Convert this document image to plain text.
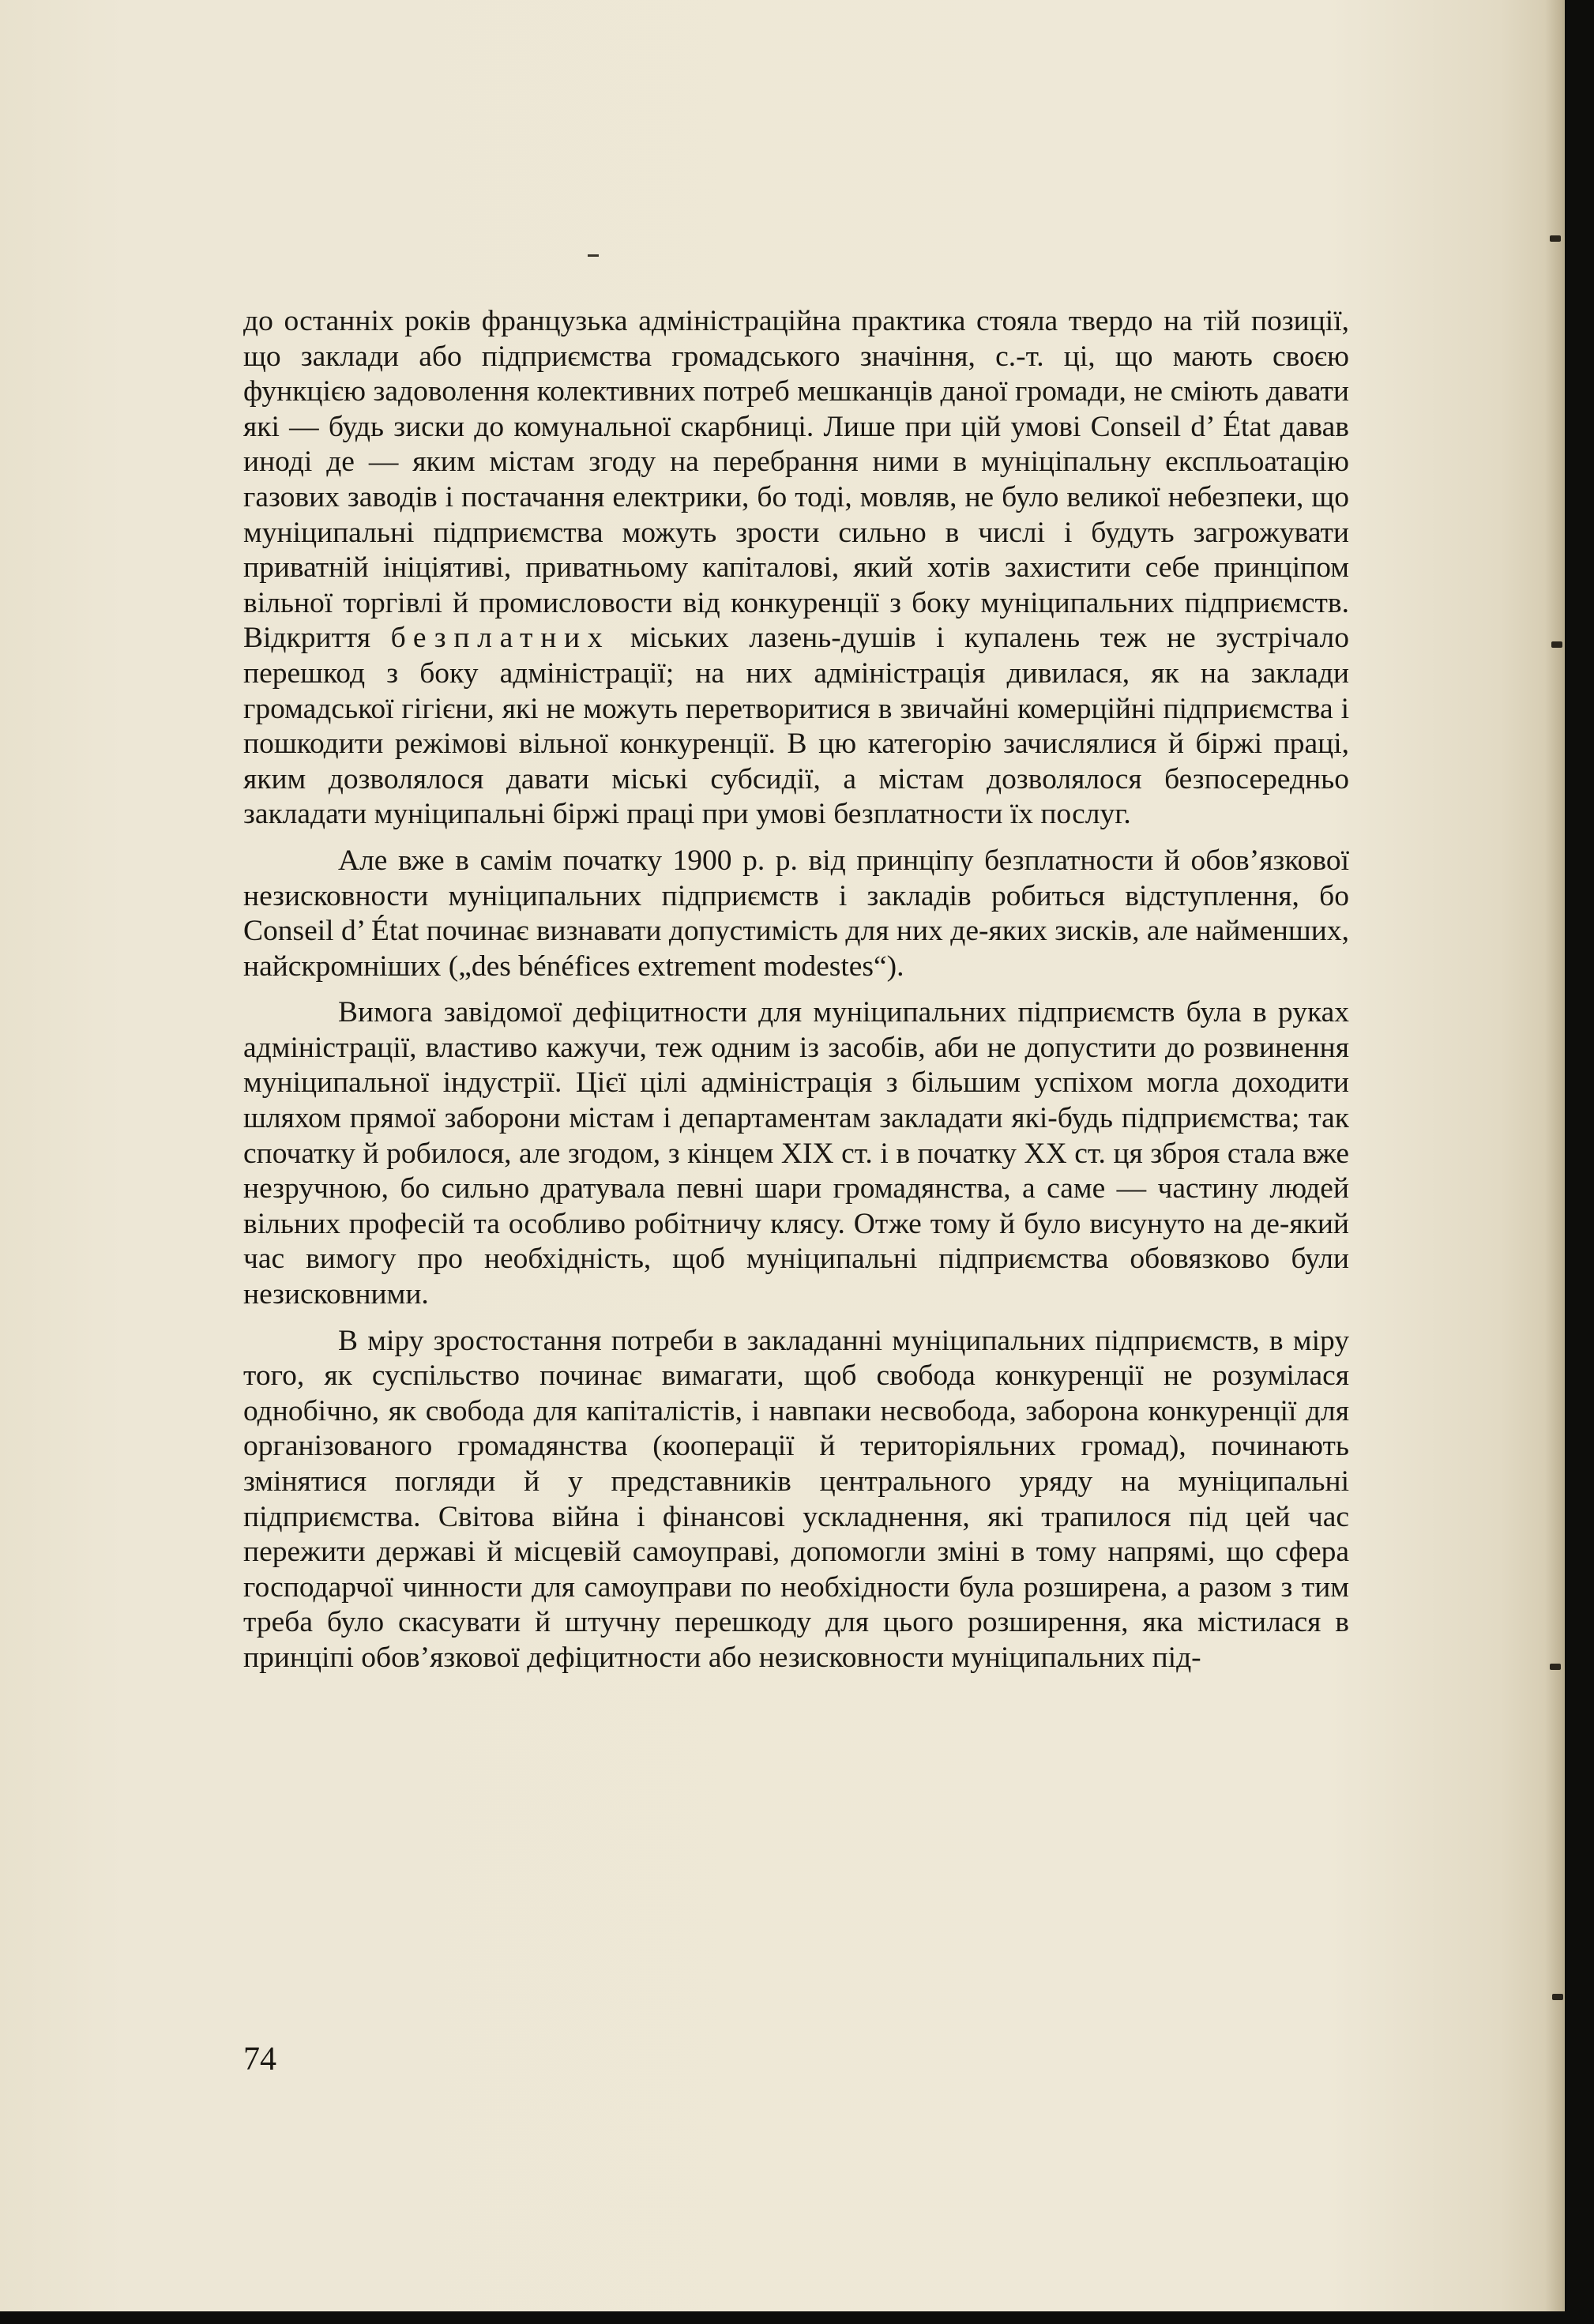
до останніх років французька адміністраційна практика стояла твердо на тій позиції, що заклади або підприємства громадського значіння, с.-т. ці, що мають своєю функцією задоволення колективних потреб мешканців даної громади, не сміють давати які — будь зиски до комунальної скарбниці. Лише при цій умові Conseil d’ État давав иноді де — яким містам згоду на перебрання ними в муніціпальну експльоатацію газових заводів і постачання електрики, бо тоді, мовляв, не було великої небезпеки, що муніципальні підприємства можуть зрости сильно в числі і будуть загрожувати приватній ініціятиві, приватньому капіталові, який хотів захистити себе принціпом вільної торгівлі й промисловости від конкуренції з боку муніципальних підприємств. Відкриття безплатних міських лазень-душів і купалень теж не зустрічало перешкод з боку адміністрації; на них адміністрація дивилася, як на заклади громадської гігієни, які не можуть перетворитися в звичайні комерційні підприємства і пошкодити режімові вільної конкуренції. В цю категорію зачислялися й біржі праці, яким дозволялося давати міські субсидії, а містам дозволялося безпосередньо закладати муніципальні біржі праці при умові безплатности їх послуг.

Але вже в самім початку 1900 р. р. від принціпу безплатности й обов’язкової незисковности муніципальних підприємств і закладів робиться відступлення, бо Conseil d’ État починає визнавати допустимість для них де-яких зисків, але найменших, найскромніших („des bénéfices extrement modestes“).

Вимога завідомої дефіцитности для муніципальних підприємств була в руках адміністрації, властиво кажучи, теж одним із засобів, аби не допустити до розвинення муніципальної індустрії. Цієї цілі адміністрація з більшим успіхом могла доходити шляхом прямої заборони містам і департаментам закладати які-будь підприємства; так спочатку й робилося, але згодом, з кінцем XIX ст. і в початку XX ст. ця зброя стала вже незручною, бо сильно дратувала певні шари громадянства, а саме — частину людей вільних професій та особливо робітничу клясу. Отже тому й було висунуто на де-який час вимогу про необхідність, щоб муніципальні підприємства обовязково були незисковними.

В міру зростостання потреби в закладанні муніципальних підприємств, в міру того, як суспільство починає вимагати, щоб свобода конкуренції не розумілася однобічно, як свобода для капіталістів, і навпаки несвобода, заборона конкуренції для організованого громадянства (кооперації й територіяльних громад), починають змінятися погляди й у представників центрального уряду на муніципальні підприємства. Світова війна і фінансові ускладнення, які трапилося під цей час пережити державі й місцевій самоуправі, допомогли зміні в тому напрямі, що сфера господарчої чинности для самоуправи по необхідности була розширена, а разом з тим треба було скасувати й штучну перешкоду для цього розширення, яка містилася в принціпі обов’язкової дефіцитности або незисковности муніципальних під-

74
